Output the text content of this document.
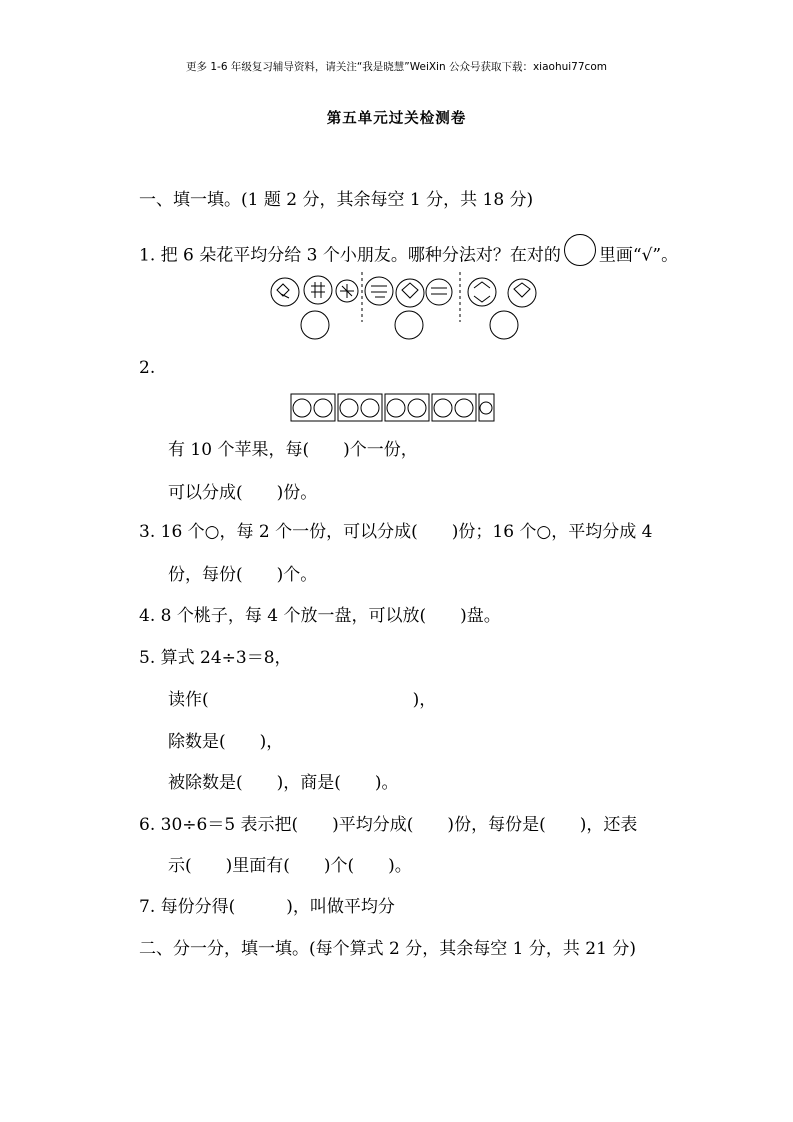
更多 1-6 年级复习辅导资料，请关注“我是晓慧”WeiXin 公众号获取下载：xiaohui77com
第五单元过关检测卷
一、填一填。(1 题 2 分，其余每空 1 分，共 18 分)
1. 把 6 朵花平均分给 3 个小朋友。哪种分法对？在对的 里画“√”。
2.
有 10 个苹果，每(　　)个一份，
可以分成(　　)份。
3. 16 个○，每 2 个一份，可以分成(　　)份；16 个○，平均分成 4
份，每份(　　)个。
4. 8 个桃子，每 4 个放一盘，可以放(　　)盘。
5. 算式 24÷3＝8，
读作(　　　　　　　　　　　　)，
除数是(　　)，
被除数是(　　)，商是(　　)。
6. 30÷6＝5 表示把(　　)平均分成(　　)份，每份是(　　)，还表
示(　　)里面有(　　)个(　　)。
7. 每份分得(　　　)，叫做平均分
二、分一分，填一填。(每个算式 2 分，其余每空 1 分，共 21 分)
